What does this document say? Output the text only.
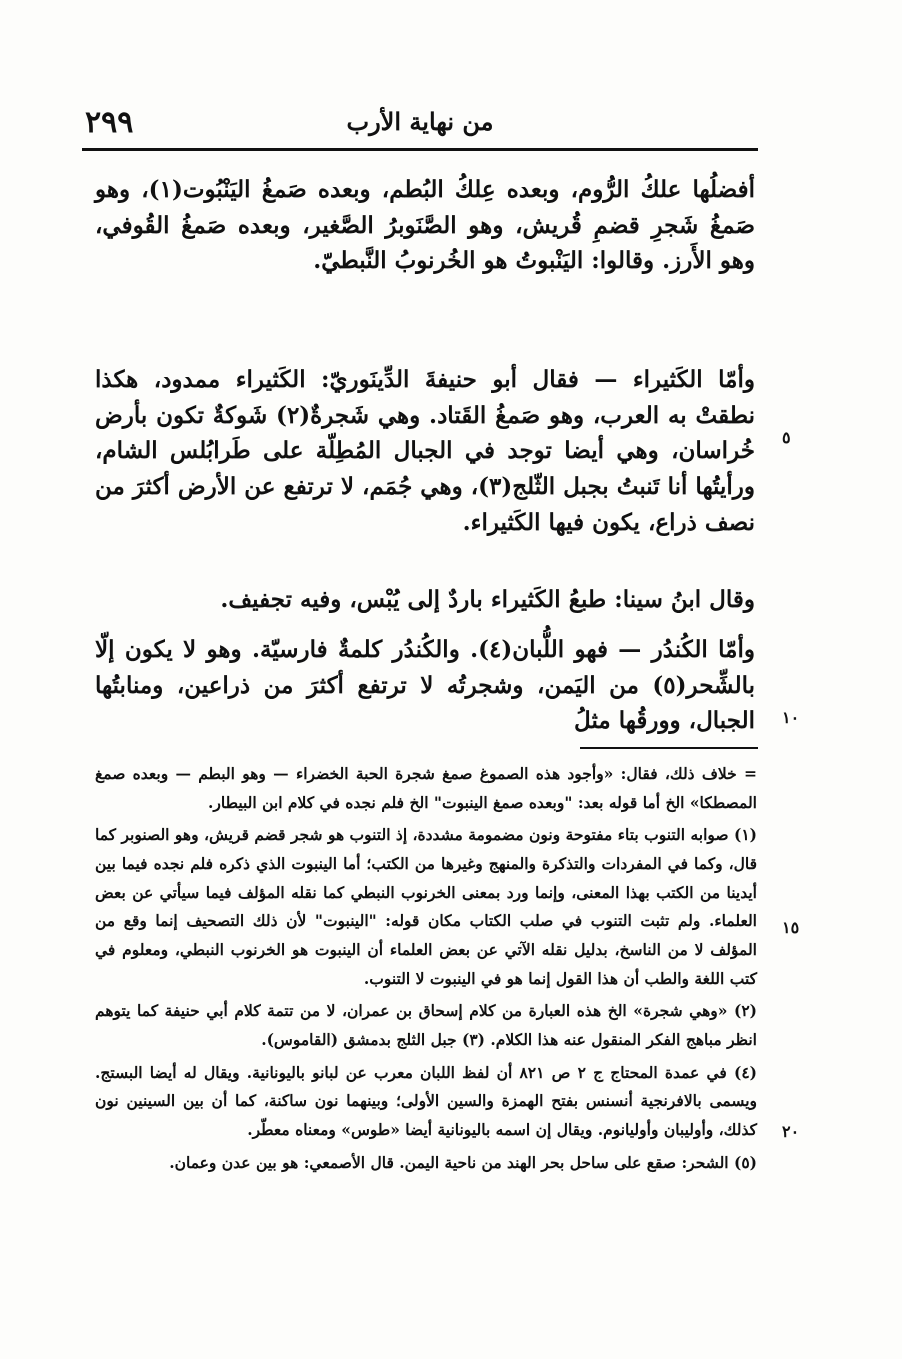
٢٩٩	من نهاية الأرب

أفضلُها علكُ الرُّوم، وبعده عِلكُ البُطم، وبعده صَمغُ اليَنْبُوت(١)، وهو صَمغُ شَجرِ قضمِ قُريش، وهو الصَّنَوبرُ الصَّغير، وبعده صَمغُ القُوفي، وهو الأَرز. وقالوا: اليَنْبوتُ هو الخُرنوبُ النَّبطيّ.

وأمّا الكَثيراء — فقال أبو حنيفةَ الدِّينَوريّ: الكَثيراء ممدود، هكذا نطقتْ به العرب، وهو صَمغُ القَتاد. وهي شَجرةٌ(٢) شَوكةٌ تكون بأرض خُراسان، وهي أيضا توجد في الجبال المُطِلّة على طَرابُلس الشام، ورأيتُها أنا تَنبتُ بجبل الثّلج(٣)، وهي جُمَم، لا ترتفع عن الأرض أكثرَ من نصف ذراع، يكون فيها الكَثيراء.

وقال ابنُ سينا: طبعُ الكَثيراء باردٌ إلى يُبْس، وفيه تجفيف.

وأمّا الكُندُر — فهو اللُّبان(٤). والكُندُر كلمةٌ فارسيّة. وهو لا يكون إلّا بالشِّحر(٥) من اليَمن، وشجرتُه لا ترتفع أكثرَ من ذراعين، ومنابتُها الجبال، وورقُها مثلُ

٥
١٠
١٥
٢٠

= خلاف ذلك، فقال: «وأجود هذه الصموغ صمغ شجرة الحبة الخضراء — وهو البطم — وبعده صمغ المصطكا» الخ أما قوله بعد: "وبعده صمغ الينبوت" الخ فلم نجده في كلام ابن البيطار.

(١) صوابه التنوب بتاء مفتوحة ونون مضمومة مشددة، إذ التنوب هو شجر قضم قريش، وهو الصنوبر كما قال، وكما في المفردات والتذكرة والمنهج وغيرها من الكتب؛ أما الينبوت الذي ذكره فلم نجده فيما بين أيدينا من الكتب بهذا المعنى، وإنما ورد بمعنى الخرنوب النبطي كما نقله المؤلف فيما سيأتي عن بعض العلماء. ولم تثبت التنوب في صلب الكتاب مكان قوله: "الينبوت" لأن ذلك التصحيف إنما وقع من المؤلف لا من الناسخ، بدليل نقله الآتي عن بعض العلماء أن الينبوت هو الخرنوب النبطي، ومعلوم في كتب اللغة والطب أن هذا القول إنما هو في الينبوت لا التنوب.

(٢) «وهي شجرة» الخ هذه العبارة من كلام إسحاق بن عمران، لا من تتمة كلام أبي حنيفة كما يتوهم انظر مباهج الفكر المنقول عنه هذا الكلام. (٣) جبل الثلج بدمشق (القاموس).

(٤) في عمدة المحتاج ج ٢ ص ٨٢١ أن لفظ اللبان معرب عن لبانو باليونانية. ويقال له أيضا البستج. ويسمى بالافرنجية أنسنس بفتح الهمزة والسين الأولى؛ وبينهما نون ساكنة، كما أن بين السينين نون كذلك، وأوليبان وأوليانوم. ويقال إن اسمه باليونانية أيضا «طوس» ومعناه معطّر.

(٥) الشحر: صقع على ساحل بحر الهند من ناحية اليمن. قال الأصمعي: هو بين عدن وعمان.
